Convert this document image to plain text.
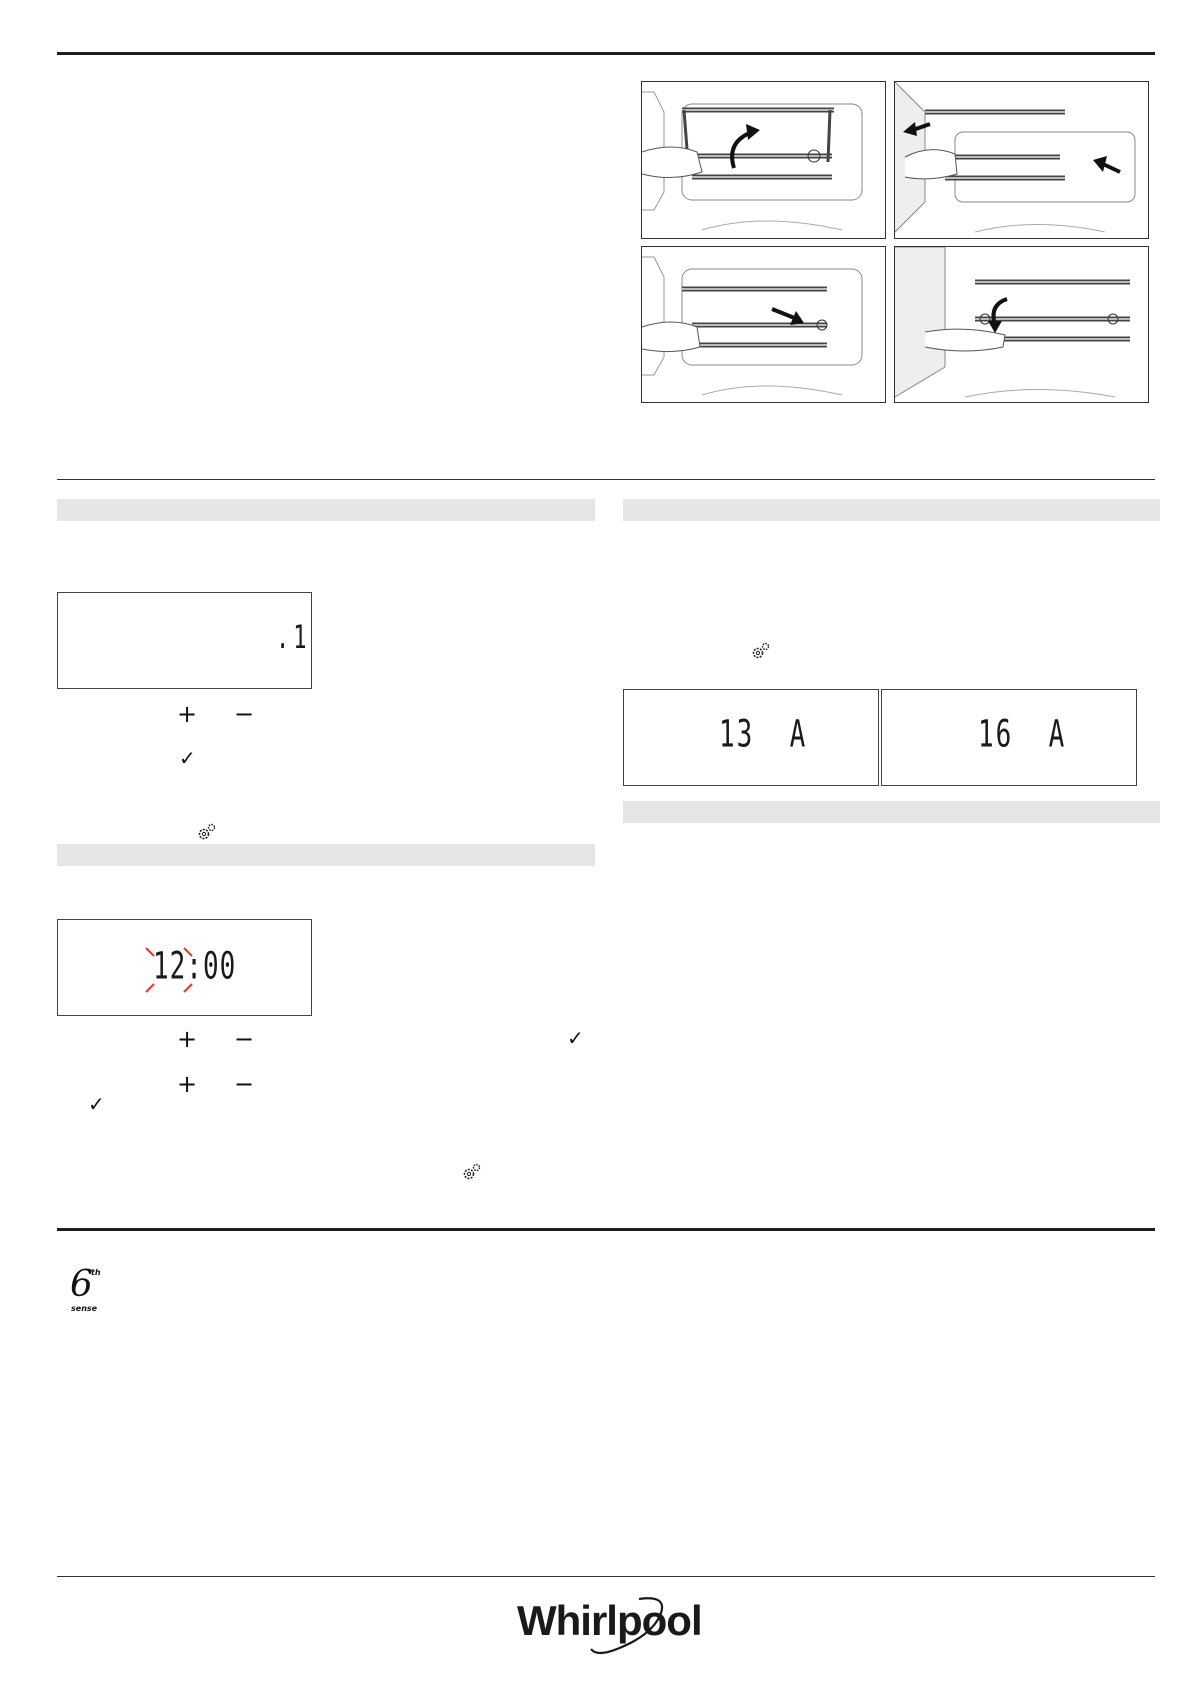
.1
+ −
✓
12:00
+ −	✓
+ −
✓
13  A	16  A
6
th
sense
Whirlpool
